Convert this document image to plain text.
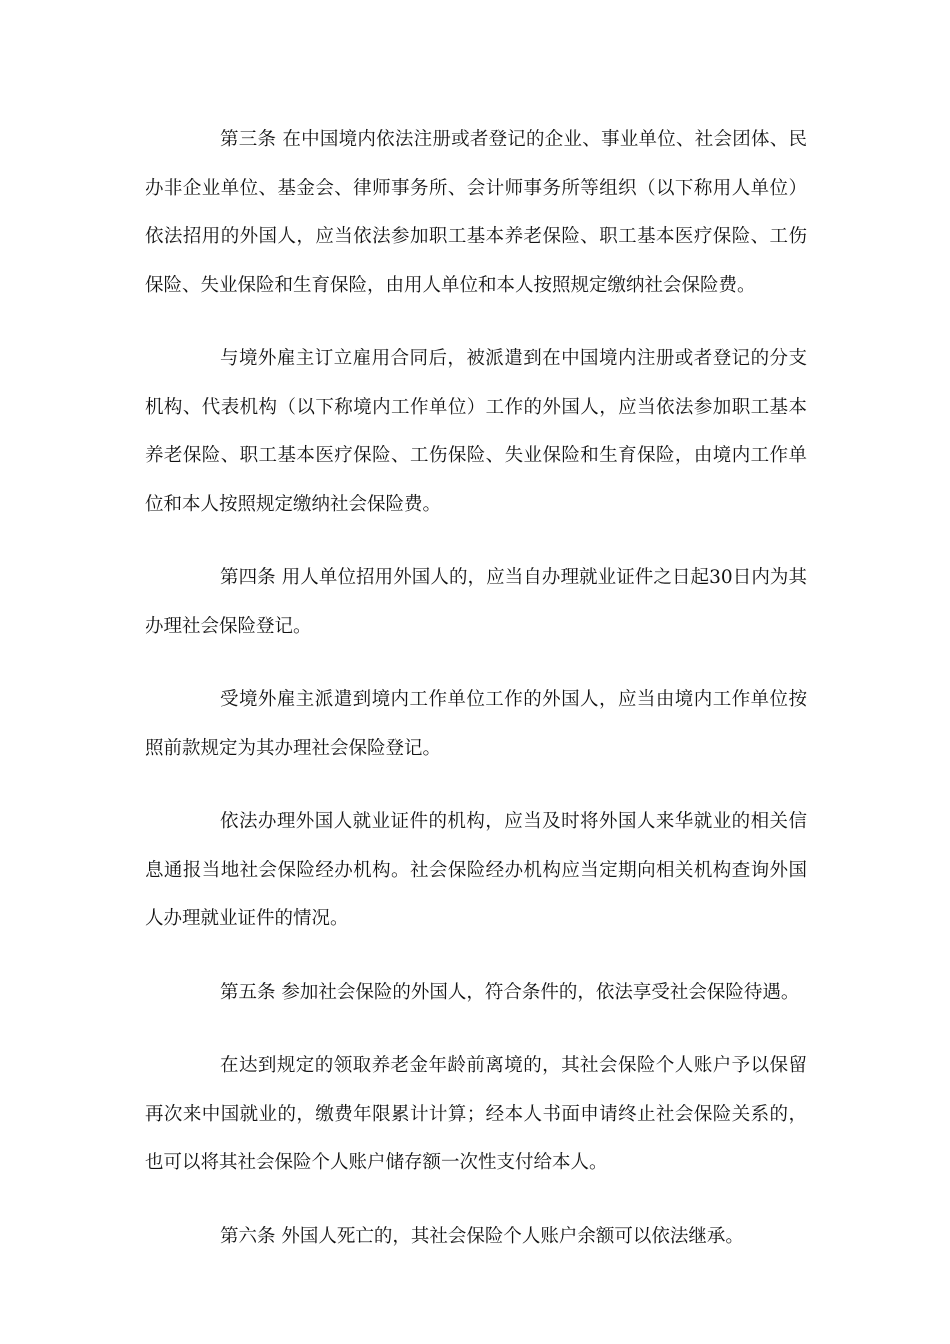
第三条 在中国境内依法注册或者登记的企业、事业单位、社会团体、民办非企业单位、基金会、律师事务所、会计师事务所等组织（以下称用人单位）依法招用的外国人，应当依法参加职工基本养老保险、职工基本医疗保险、工伤保险、失业保险和生育保险，由用人单位和本人按照规定缴纳社会保险费。

与境外雇主订立雇用合同后，被派遣到在中国境内注册或者登记的分支机构、代表机构（以下称境内工作单位）工作的外国人，应当依法参加职工基本养老保险、职工基本医疗保险、工伤保险、失业保险和生育保险，由境内工作单位和本人按照规定缴纳社会保险费。

第四条 用人单位招用外国人的，应当自办理就业证件之日起30日内为其办理社会保险登记。

受境外雇主派遣到境内工作单位工作的外国人，应当由境内工作单位按照前款规定为其办理社会保险登记。

依法办理外国人就业证件的机构，应当及时将外国人来华就业的相关信息通报当地社会保险经办机构。社会保险经办机构应当定期向相关机构查询外国人办理就业证件的情况。

第五条 参加社会保险的外国人，符合条件的，依法享受社会保险待遇。

在达到规定的领取养老金年龄前离境的，其社会保险个人账户予以保留再次来中国就业的，缴费年限累计计算；经本人书面申请终止社会保险关系的，也可以将其社会保险个人账户储存额一次性支付给本人。

第六条 外国人死亡的，其社会保险个人账户余额可以依法继承。
